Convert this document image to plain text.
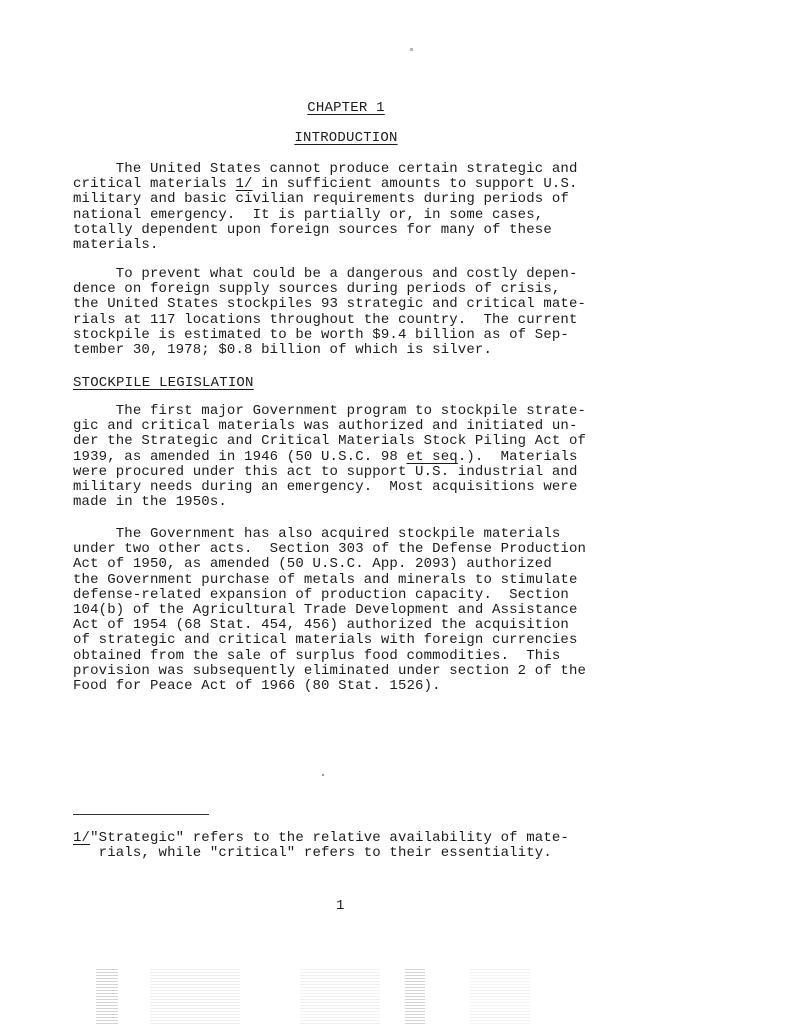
CHAPTER 1
INTRODUCTION

The United States cannot produce certain strategic and
critical materials 1/ in sufficient amounts to support U.S.
military and basic civilian requirements during periods of
national emergency.  It is partially or, in some cases,
totally dependent upon foreign sources for many of these
materials.

To prevent what could be a dangerous and costly depen-
dence on foreign supply sources during periods of crisis,
the United States stockpiles 93 strategic and critical mate-
rials at 117 locations throughout the country.  The current
stockpile is estimated to be worth $9.4 billion as of Sep-
tember 30, 1978; $0.8 billion of which is silver.

STOCKPILE LEGISLATION

The first major Government program to stockpile strate-
gic and critical materials was authorized and initiated un-
der the Strategic and Critical Materials Stock Piling Act of
1939, as amended in 1946 (50 U.S.C. 98 et seq.).  Materials
were procured under this act to support U.S. industrial and
military needs during an emergency.  Most acquisitions were
made in the 1950s.

The Government has also acquired stockpile materials
under two other acts.  Section 303 of the Defense Production
Act of 1950, as amended (50 U.S.C. App. 2093) authorized
the Government purchase of metals and minerals to stimulate
defense-related expansion of production capacity.  Section
104(b) of the Agricultural Trade Development and Assistance
Act of 1954 (68 Stat. 454, 456) authorized the acquisition
of strategic and critical materials with foreign currencies
obtained from the sale of surplus food commodities.  This
provision was subsequently eliminated under section 2 of the
Food for Peace Act of 1966 (80 Stat. 1526).

1/"Strategic" refers to the relative availability of mate-
rials, while "critical" refers to their essentiality.

1
